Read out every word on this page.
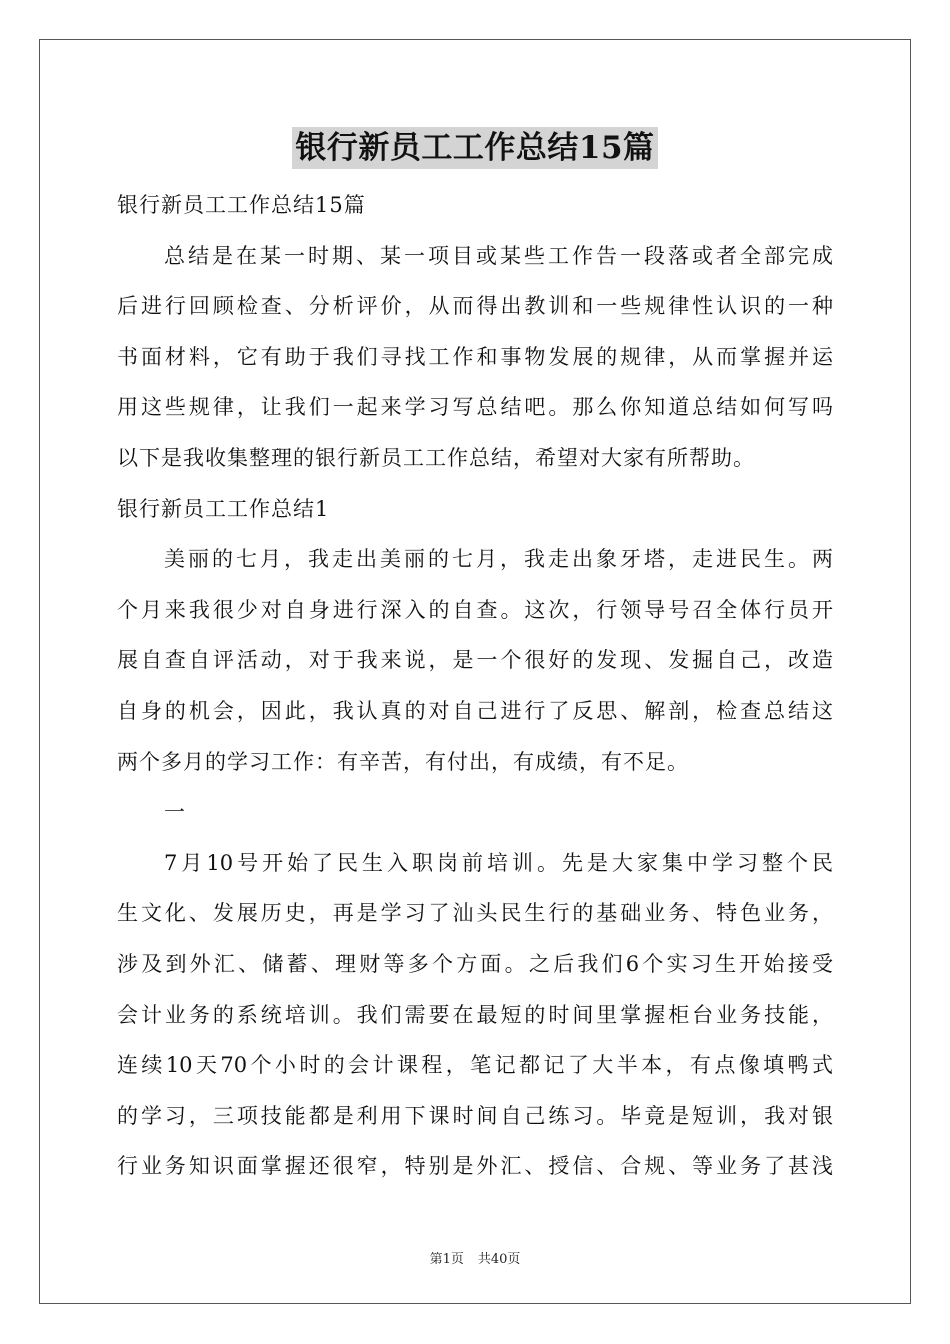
银行新员工工作总结15篇
银行新员工工作总结15篇
总结是在某一时期、某一项目或某些工作告一段落或者全部完成
后进行回顾检查、分析评价，从而得出教训和一些规律性认识的一种
书面材料，它有助于我们寻找工作和事物发展的规律，从而掌握并运
用这些规律，让我们一起来学习写总结吧。那么你知道总结如何写吗
以下是我收集整理的银行新员工工作总结，希望对大家有所帮助。
银行新员工工作总结1
美丽的七月，我走出美丽的七月，我走出象牙塔，走进民生。两
个月来我很少对自身进行深入的自查。这次，行领导号召全体行员开
展自查自评活动，对于我来说，是一个很好的发现、发掘自己，改造
自身的机会，因此，我认真的对自己进行了反思、解剖，检查总结这
两个多月的学习工作：有辛苦，有付出，有成绩，有不足。
一
7月10号开始了民生入职岗前培训。先是大家集中学习整个民
生文化、发展历史，再是学习了汕头民生行的基础业务、特色业务，
涉及到外汇、储蓄、理财等多个方面。之后我们6个实习生开始接受
会计业务的系统培训。我们需要在最短的时间里掌握柜台业务技能，
连续10天70个小时的会计课程，笔记都记了大半本，有点像填鸭式
的学习，三项技能都是利用下课时间自己练习。毕竟是短训，我对银
行业务知识面掌握还很窄，特别是外汇、授信、合规、等业务了甚浅
第1页 共40页
